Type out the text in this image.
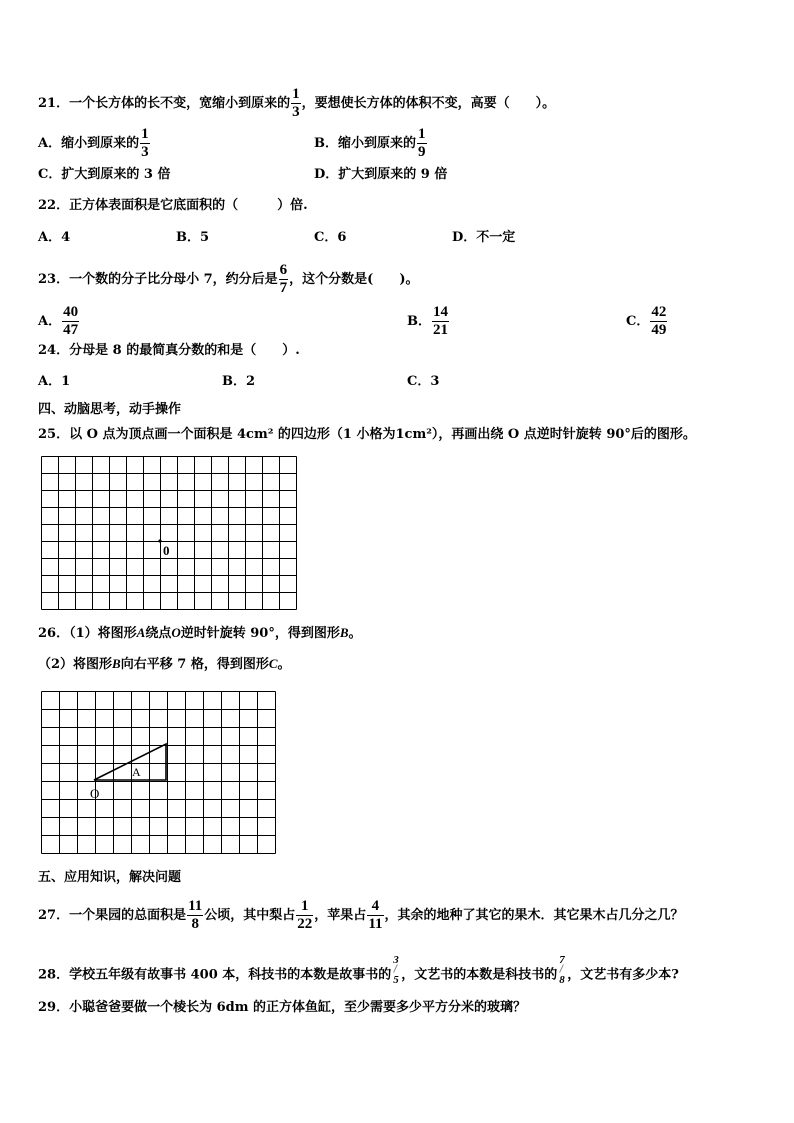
21．一个长方体的长不变，宽缩小到原来的 $\frac{1}{3}$ ，要想使长方体的体积不变，高要（　　）。
A．缩小到原来的 $\frac{1}{3}$	B．缩小到原来的 $\frac{1}{9}$
C．扩大到原来的 3 倍	D．扩大到原来的 9 倍
22．正方体表面积是它底面积的（　　　）倍.
A．4	B．5	C．6	D．不一定
23．一个数的分子比分母小 7，约分后是 $\frac{6}{7}$ ，这个分数是(　　)。
A． $\frac{40}{47}$	B． $\frac{14}{21}$	C． $\frac{42}{49}$
24．分母是 8 的最简真分数的和是（　　）.
A．1	B．2	C．3
四、动脑思考，动手操作
25．以 O 点为顶点画一个面积是 4cm² 的四边形（1 小格为1cm²），再画出绕 O 点逆时针旋转 90°后的图形。
0
26．（1）将图形A绕点O逆时针旋转 90°，得到图形B。
（2）将图形B向右平移 7 格，得到图形C。
A
O
五、应用知识，解决问题
27．一个果园的总面积是 $\frac{11}{8}$ 公顷，其中梨占 $\frac{1}{22}$ ，苹果占 $\frac{4}{11}$ ，其余的地种了其它的果木．其它果木占几分之几？
28．学校五年级有故事书 400 本，科技书的本数是故事书的
3
5 ，文艺书的本数是科技书的
7
8 ，文艺书有多少本?
29．小聪爸爸要做一个棱长为 6dm 的正方体鱼缸，至少需要多少平方分米的玻璃？
